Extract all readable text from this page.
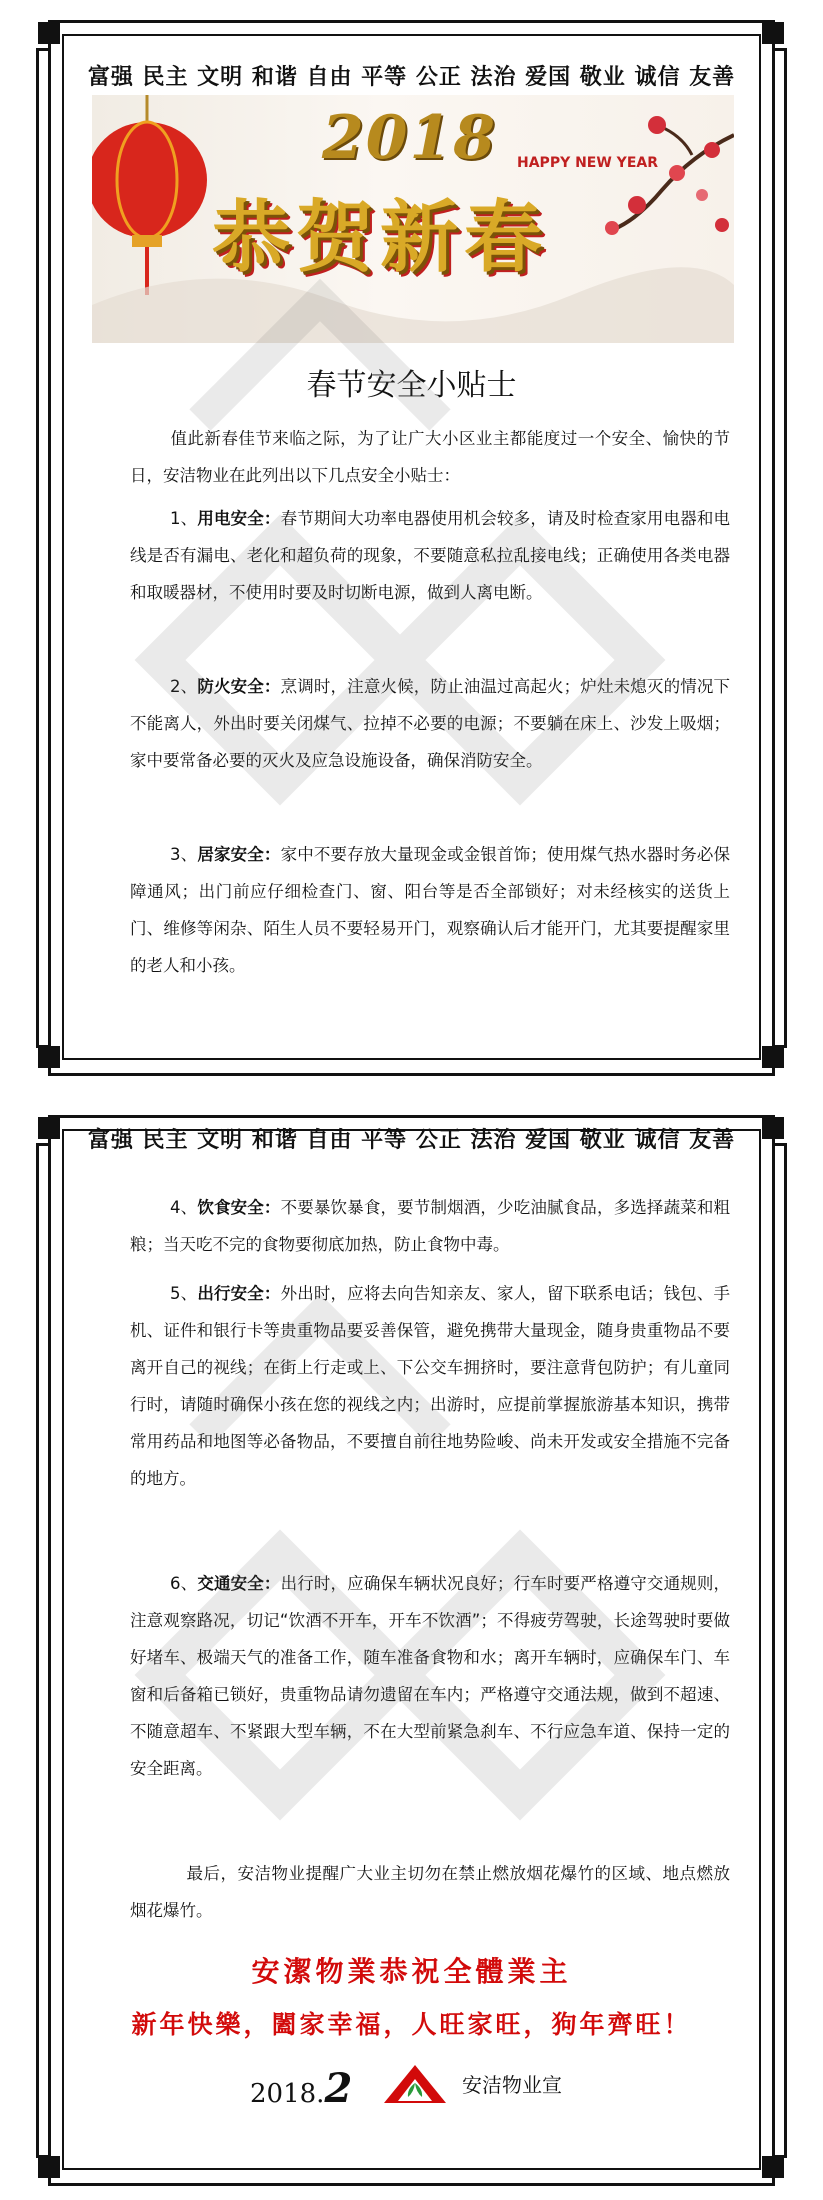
富强 民主 文明 和谐 自由 平等 公正 法治 爱国 敬业 诚信 友善
2018 HAPPY NEW YEAR
恭贺新春
春节安全小贴士
值此新春佳节来临之际，为了让广大小区业主都能度过一个安全、愉快的节日，安洁物业在此列出以下几点安全小贴士：
1、用电安全：春节期间大功率电器使用机会较多，请及时检查家用电器和电线是否有漏电、老化和超负荷的现象，不要随意私拉乱接电线；正确使用各类电器和取暖器材，不使用时要及时切断电源，做到人离电断。
2、防火安全：烹调时，注意火候，防止油温过高起火；炉灶未熄灭的情况下不能离人，外出时要关闭煤气、拉掉不必要的电源；不要躺在床上、沙发上吸烟；家中要常备必要的灭火及应急设施设备，确保消防安全。
3、居家安全：家中不要存放大量现金或金银首饰；使用煤气热水器时务必保障通风；出门前应仔细检查门、窗、阳台等是否全部锁好；对未经核实的送货上门、维修等闲杂、陌生人员不要轻易开门，观察确认后才能开门，尤其要提醒家里的老人和小孩。
富强 民主 文明 和谐 自由 平等 公正 法治 爱国 敬业 诚信 友善
4、饮食安全：不要暴饮暴食，要节制烟酒，少吃油腻食品，多选择蔬菜和粗粮；当天吃不完的食物要彻底加热，防止食物中毒。
5、出行安全：外出时，应将去向告知亲友、家人，留下联系电话；钱包、手机、证件和银行卡等贵重物品要妥善保管，避免携带大量现金，随身贵重物品不要离开自己的视线；在街上行走或上、下公交车拥挤时，要注意背包防护；有儿童同行时，请随时确保小孩在您的视线之内；出游时，应提前掌握旅游基本知识，携带常用药品和地图等必备物品，不要擅自前往地势险峻、尚未开发或安全措施不完备的地方。
6、交通安全：出行时，应确保车辆状况良好；行车时要严格遵守交通规则，注意观察路况，切记“饮酒不开车，开车不饮酒”；不得疲劳驾驶，长途驾驶时要做好堵车、极端天气的准备工作，随车准备食物和水；离开车辆时，应确保车门、车窗和后备箱已锁好，贵重物品请勿遗留在车内；严格遵守交通法规，做到不超速、不随意超车、不紧跟大型车辆，不在大型前紧急刹车、不行应急车道、保持一定的安全距离。
最后，安洁物业提醒广大业主切勿在禁止燃放烟花爆竹的区域、地点燃放烟花爆竹。
安潔物業恭祝全體業主
新年快樂，闔家幸福，人旺家旺，狗年齊旺！
2018.2	安洁物业宣
